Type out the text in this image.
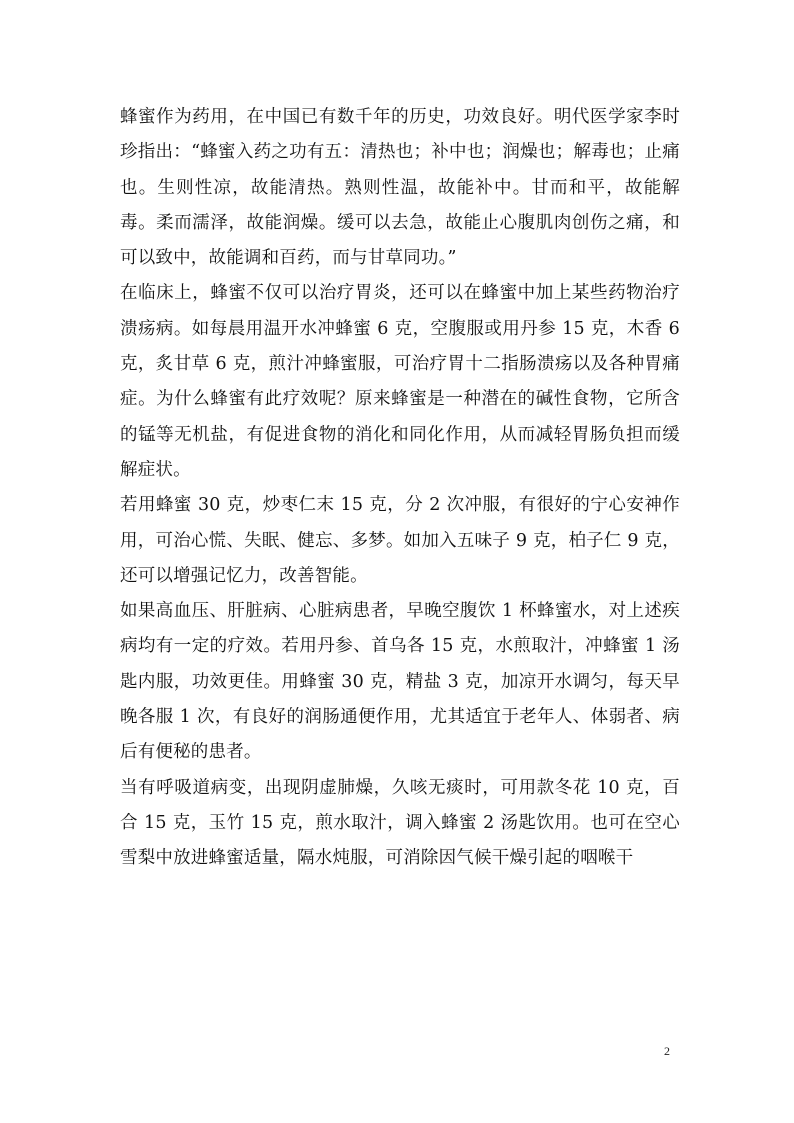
蜂蜜作为药用，在中国已有数千年的历史，功效良好。明代医学家李时珍指出：“蜂蜜入药之功有五：清热也；补中也；润燥也；解毒也；止痛也。生则性凉，故能清热。熟则性温，故能补中。甘而和平，故能解毒。柔而濡泽，故能润燥。缓可以去急，故能止心腹肌肉创伤之痛，和可以致中，故能调和百药，而与甘草同功。”

在临床上，蜂蜜不仅可以治疗胃炎，还可以在蜂蜜中加上某些药物治疗溃疡病。如每晨用温开水冲蜂蜜 6 克，空腹服或用丹参 15 克，木香 6 克，炙甘草 6 克，煎汁冲蜂蜜服，可治疗胃十二指肠溃疡以及各种胃痛症。为什么蜂蜜有此疗效呢？原来蜂蜜是一种潜在的碱性食物，它所含的锰等无机盐，有促进食物的消化和同化作用，从而减轻胃肠负担而缓解症状。

若用蜂蜜 30 克，炒枣仁末 15 克，分 2 次冲服，有很好的宁心安神作用，可治心慌、失眠、健忘、多梦。如加入五味子 9 克，柏子仁 9 克，还可以增强记忆力，改善智能。

如果高血压、肝脏病、心脏病患者，早晚空腹饮 1 杯蜂蜜水，对上述疾病均有一定的疗效。若用丹参、首乌各 15 克，水煎取汁，冲蜂蜜 1 汤匙内服，功效更佳。用蜂蜜 30 克，精盐 3 克，加凉开水调匀，每天早晚各服 1 次，有良好的润肠通便作用，尤其适宜于老年人、体弱者、病后有便秘的患者。

当有呼吸道病变，出现阴虚肺燥，久咳无痰时，可用款冬花 10 克，百合 15 克，玉竹 15 克，煎水取汁，调入蜂蜜 2 汤匙饮用。也可在空心雪梨中放进蜂蜜适量，隔水炖服，可消除因气候干燥引起的咽喉干

2
